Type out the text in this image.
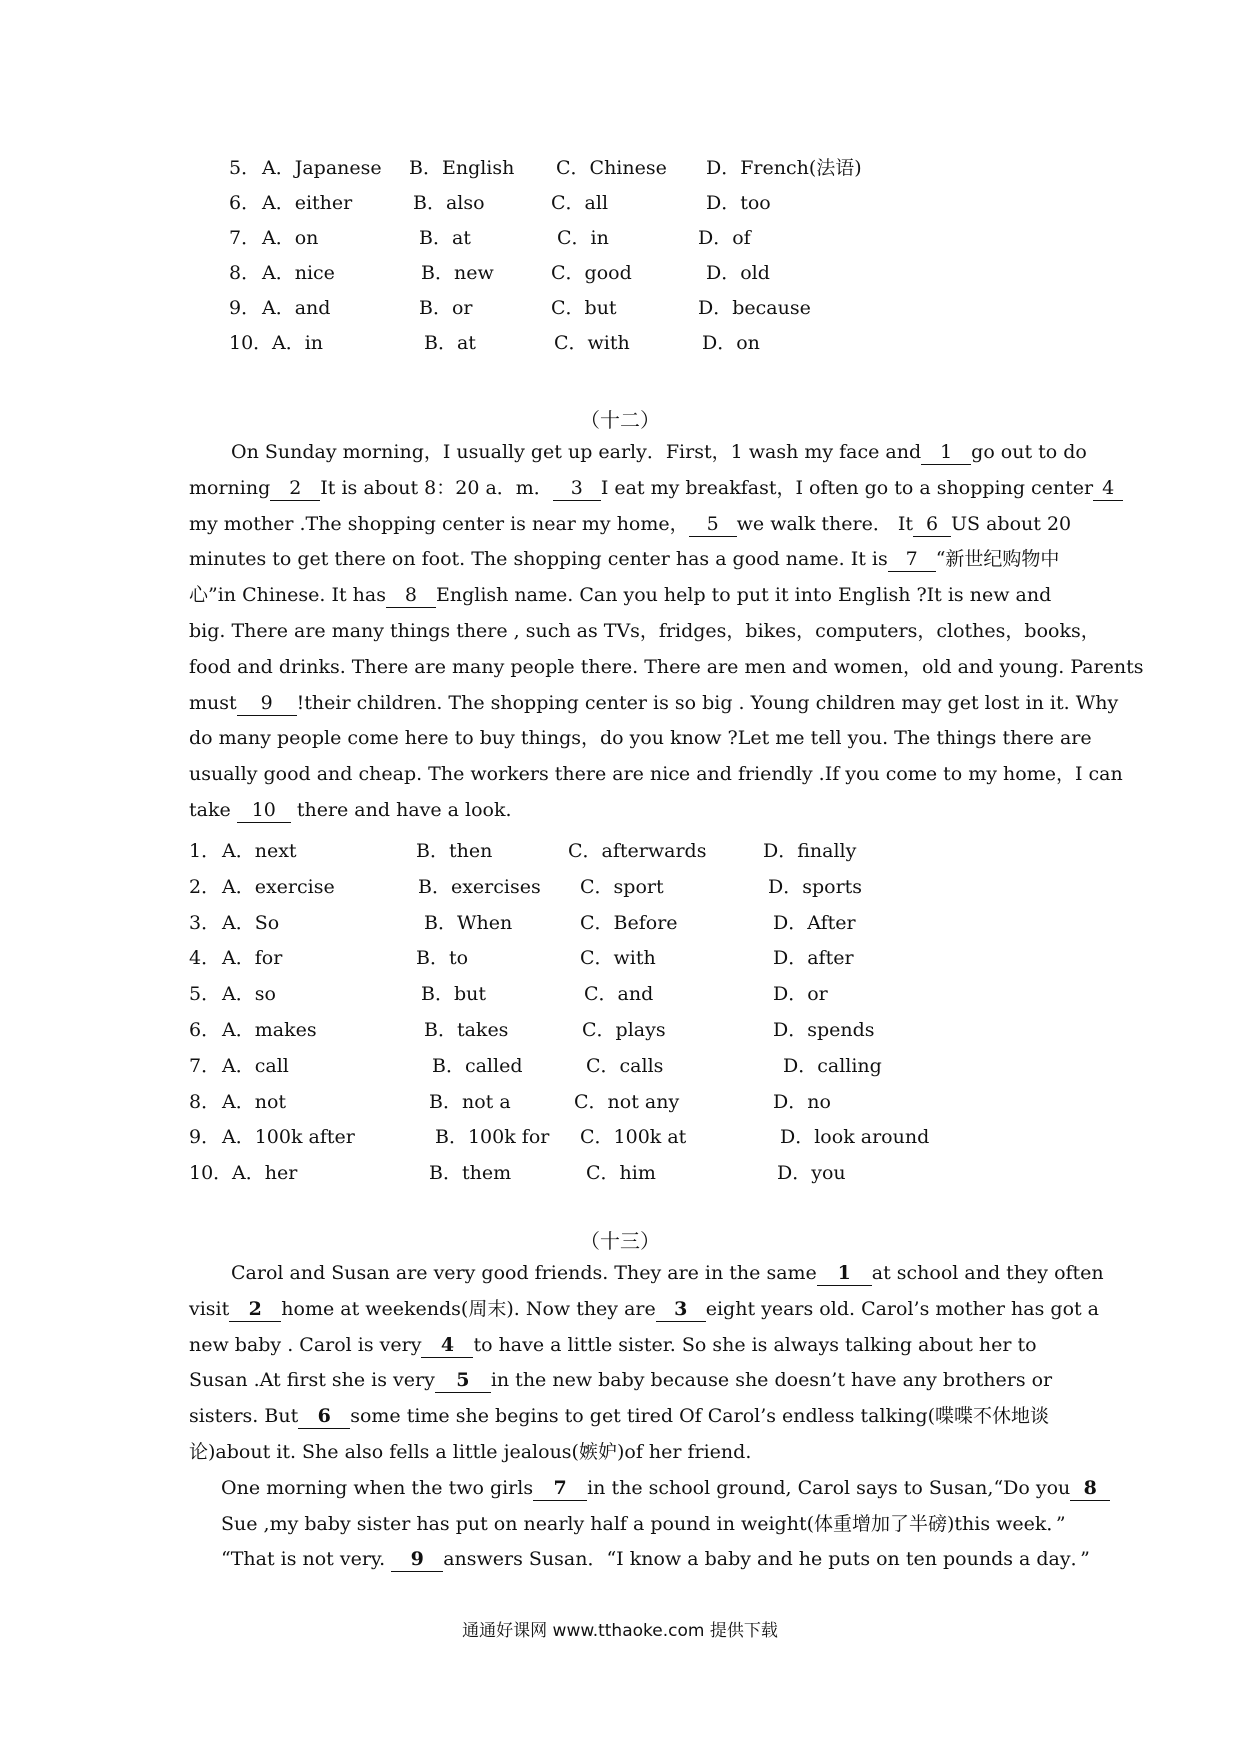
5． A．Japanese B．English C．Chinese D．French(法语)
6． A．either	B．also	C．all	D．too
7． A．on	B．at	C．in	D．of
8． A．nice	B．new	C．good	D．old
9． A．and	B．or	C．but	D．because
10． A．in	B．at	C．with	D．on
（十二）
On Sunday morning，I usually get up early．First，1 wash my face and 1 go out to do
morning 2 It is about 8：20 a．m． 3 I eat my breakfast，I often go to a shopping center 4
my mother .The shopping center is near my home， 5 we walk there． It 6 US about 20
minutes to get there on foot. The shopping center has a good name. It is 7 “新世纪购物中
心”in Chinese. It has 8 English name. Can you help to put it into English ?It is new and
big. There are many things there , such as TVs，fridges，bikes，computers，clothes，books，
food and drinks. There are many people there. There are men and women，old and young. Parents
must 9 !their children. The shopping center is so big . Young children may get lost in it. Why
do many people come here to buy things，do you know ?Let me tell you. The things there are
usually good and cheap. The workers there are nice and friendly .If you come to my home，I can
take 10 there and have a look.
1． A．next	B．then	C．afterwards	D．finally
2． A．exercise	B．exercises C．sport	D．sports
3． A．So	B．When	C．Before	D．After
4． A．for	B．to	C．with	D．after
5． A．so	B．but	C．and	D．or
6． A．makes	B．takes	C．plays	D．spends
7． A．call	B．called	C．calls	D．calling
8． A．not	B．not a	C．not any	D．no
9． A．100k after	B．100k for C．100k at	D．look around
10． A．her	B．them	C．him	D．you
（十三）
Carol and Susan are very good friends. They are in the same 1 at school and they often
visit 2 home at weekends(周末). Now they are 3 eight years old. Carol’s mother has got a
new baby . Carol is very 4 to have a little sister. So she is always talking about her to
Susan .At first she is very 5 in the new baby because she doesn’t have any brothers or
sisters. But 6 some time she begins to get tired Of Carol’s endless talking(喋喋不休地谈
论)about it. She also fells a little jealous(嫉妒)of her friend.
One morning when the two girls 7 in the school ground, Carol says to Susan,“Do you 8
Sue ,my baby sister has put on nearly half a pound in weight(体重增加了半磅)this week．”
“That is not very. 9 answers Susan．“I know a baby and he puts on ten pounds a day．”
通通好课网 www.tthaoke.com 提供下载
